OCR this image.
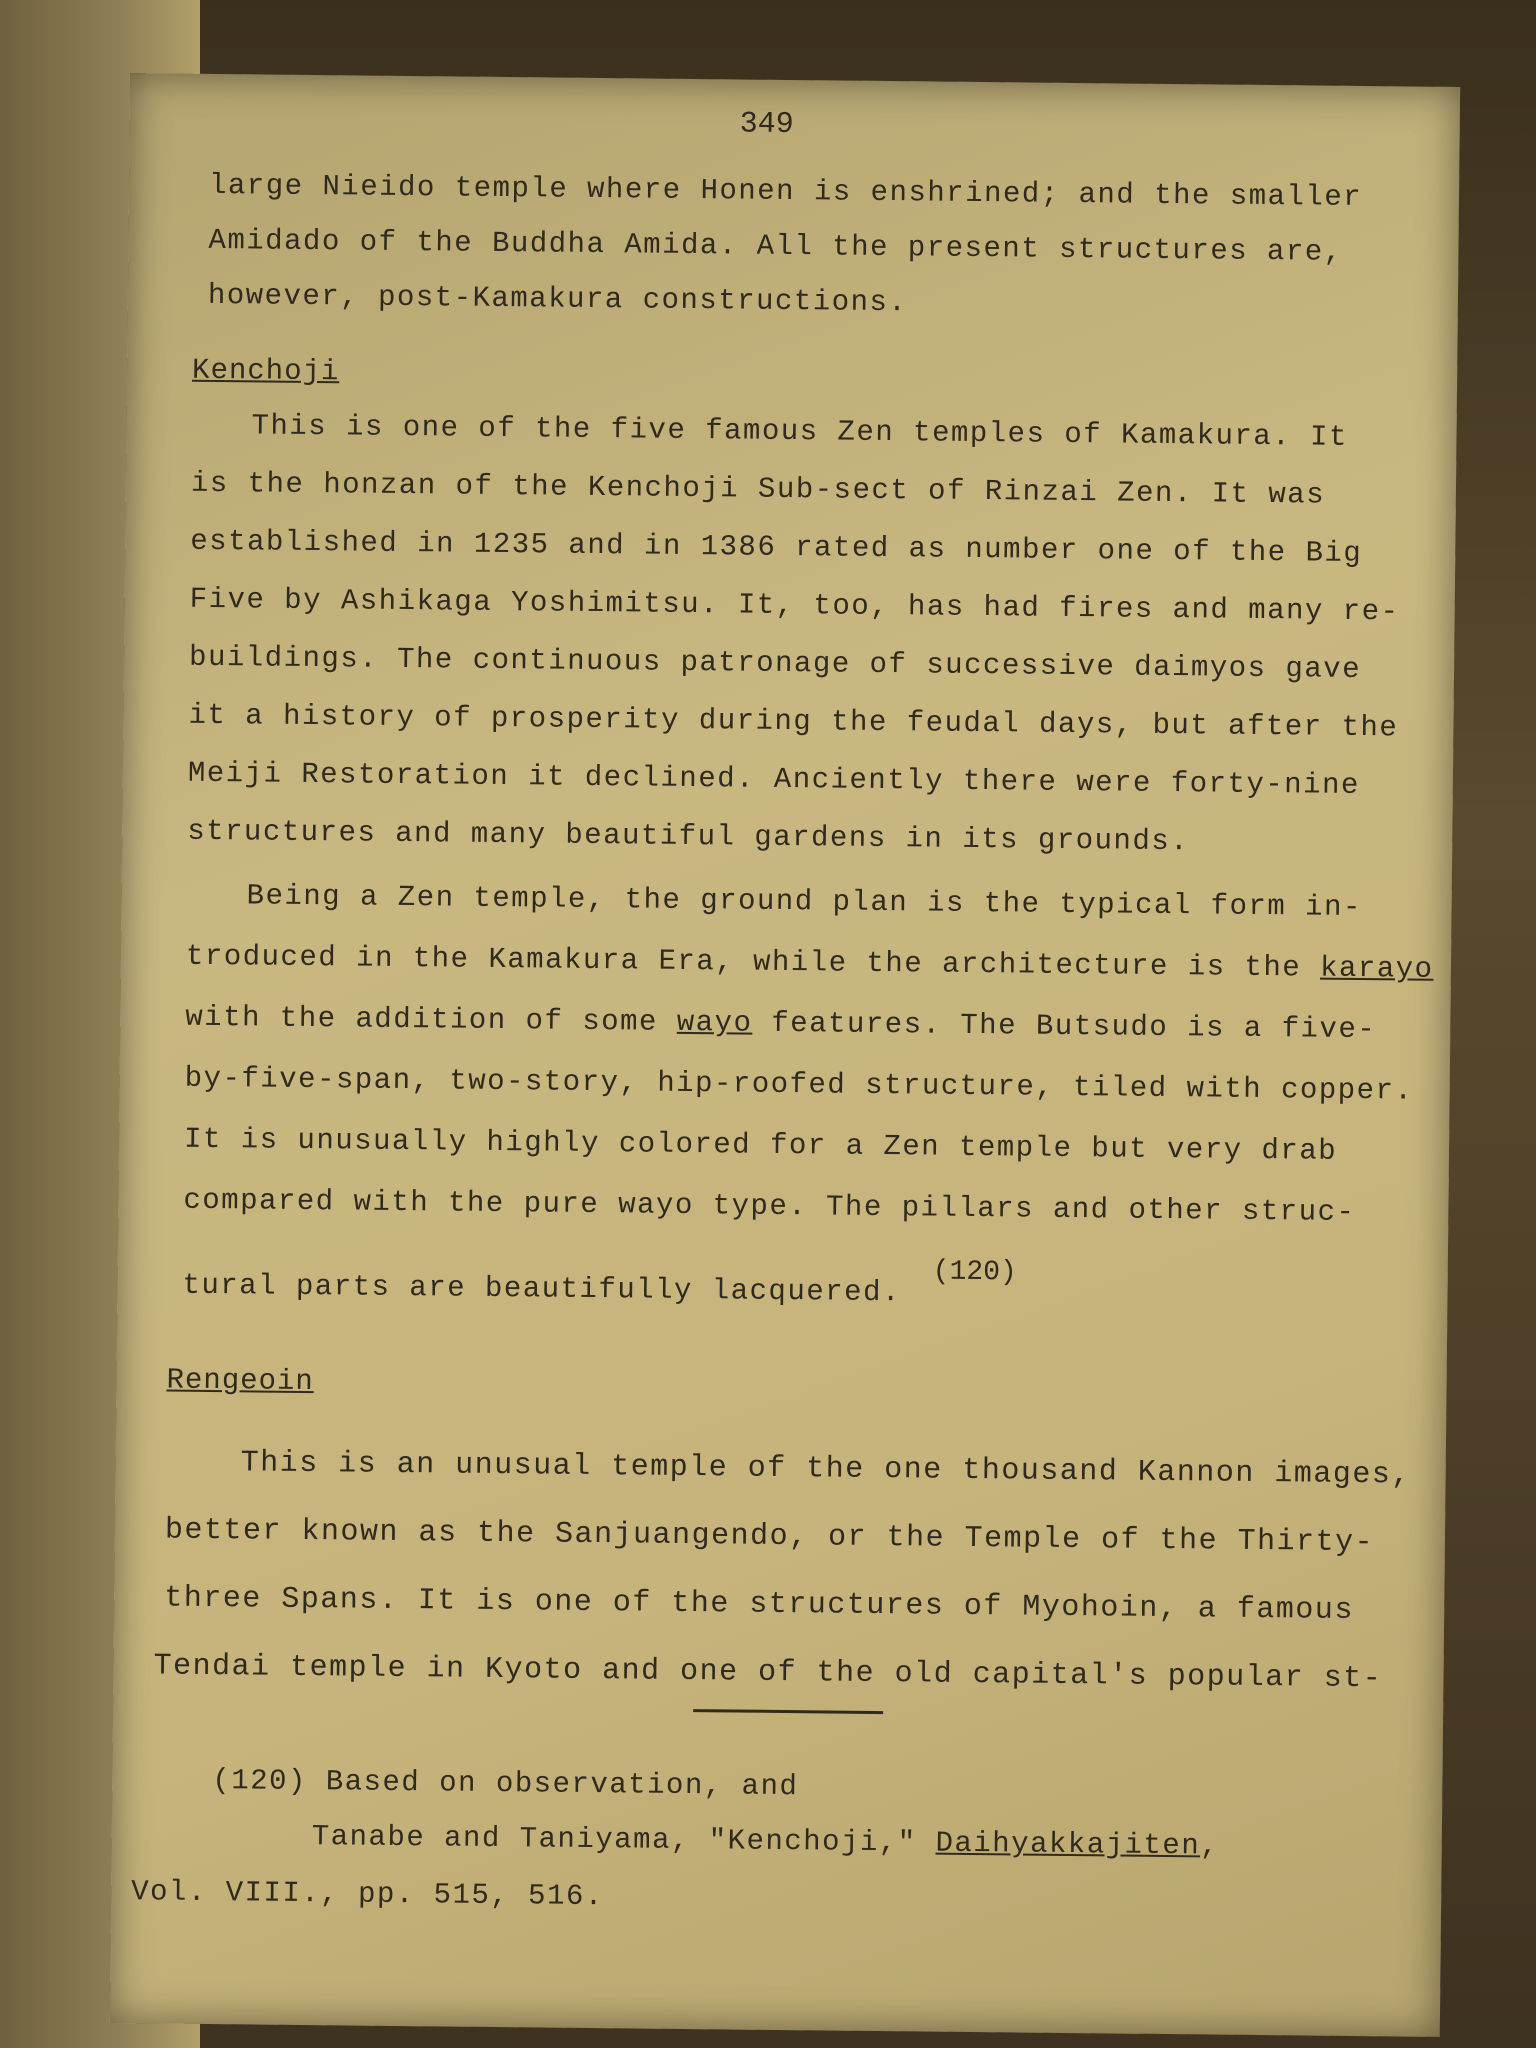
349
large Nieido temple where Honen is enshrined; and the smaller
Amidado of the Buddha Amida. All the present structures are,
however, post-Kamakura constructions.
Kenchoji
This is one of the five famous Zen temples of Kamakura. It
is the honzan of the Kenchoji Sub-sect of Rinzai Zen. It was
established in 1235 and in 1386 rated as number one of the Big
Five by Ashikaga Yoshimitsu. It, too, has had fires and many re-
buildings. The continuous patronage of successive daimyos gave
it a history of prosperity during the feudal days, but after the
Meiji Restoration it declined. Anciently there were forty-nine
structures and many beautiful gardens in its grounds.
Being a Zen temple, the ground plan is the typical form in-
troduced in the Kamakura Era, while the architecture is the karayo
with the addition of some wayo features. The Butsudo is a five-
by-five-span, two-story, hip-roofed structure, tiled with copper.
It is unusually highly colored for a Zen temple but very drab
compared with the pure wayo type. The pillars and other struc-
tural parts are beautifully lacquered. (120)
Rengeoin
This is an unusual temple of the one thousand Kannon images,
better known as the Sanjuangendo, or the Temple of the Thirty-
three Spans. It is one of the structures of Myohoin, a famous
Tendai temple in Kyoto and one of the old capital's popular st-
(120) Based on observation, and
Tanabe and Taniyama, "Kenchoji," Daihyakkajiten,
Vol. VIII., pp. 515, 516.
